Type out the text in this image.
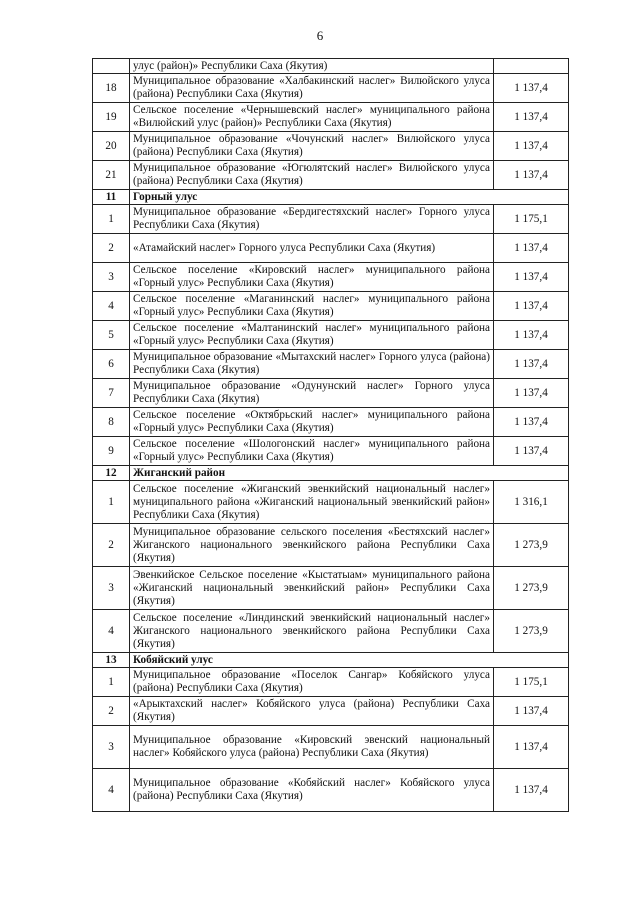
6
	улус (район)» Республики Саха (Якутия)	
18	Муниципальное образование «Халбакинский наслег» Вилюйского улуса (района) Республики Саха (Якутия)	1 137,4
19	Сельское поселение «Чернышевский наслег» муниципального района «Вилюйский улус (район)» Республики Саха (Якутия)	1 137,4
20	Муниципальное образование «Чочунский наслег» Вилюйского улуса (района) Республики Саха (Якутия)	1 137,4
21	Муниципальное образование «Югюлятский наслег» Вилюйского улуса (района) Республики Саха (Якутия)	1 137,4
11	Горный улус	
1	Муниципальное образование «Бердигестяхский наслег» Горного улуса Республики Саха (Якутия)	1 175,1
2	«Атамайский наслег» Горного улуса Республики Саха (Якутия)	1 137,4
3	Сельское поселение «Кировский наслег» муниципального района «Горный улус» Республики Саха (Якутия)	1 137,4
4	Сельское поселение «Маганинский наслег» муниципального района «Горный улус» Республики Саха (Якутия)	1 137,4
5	Сельское поселение «Малтанинский наслег» муниципального района «Горный улус» Республики Саха (Якутия)	1 137,4
6	Муниципальное образование «Мытахский наслег» Горного улуса (района) Республики Саха (Якутия)	1 137,4
7	Муниципальное образование «Одунунский наслег» Горного улуса Республики Саха (Якутия)	1 137,4
8	Сельское поселение «Октябрьский наслег» муниципального района «Горный улус» Республики Саха (Якутия)	1 137,4
9	Сельское поселение «Шологонский наслег» муниципального района «Горный улус» Республики Саха (Якутия)	1 137,4
12	Жиганский район	
1	Сельское поселение «Жиганский эвенкийский национальный наслег» муниципального района «Жиганский национальный эвенкийский район» Республики Саха (Якутия)	1 316,1
2	Муниципальное образование сельского поселения «Бестяхский наслег» Жиганского национального эвенкийского района Республики Саха (Якутия)	1 273,9
3	Эвенкийское Сельское поселение «Кыстатыам» муниципального района «Жиганский национальный эвенкийский район» Республики Саха (Якутия)	1 273,9
4	Сельское поселение «Линдинский эвенкийский национальный наслег» Жиганского национального эвенкийского района Республики Саха (Якутия)	1 273,9
13	Кобяйский улус	
1	Муниципальное образование «Поселок Сангар» Кобяйского улуса (района) Республики Саха (Якутия)	1 175,1
2	«Арыктахский наслег» Кобяйского улуса (района) Республики Саха (Якутия)	1 137,4
3	Муниципальное образование «Кировский эвенский национальный наслег» Кобяйского улуса (района) Республики Саха (Якутия)	1 137,4
4	Муниципальное образование «Кобяйский наслег» Кобяйского улуса (района) Республики Саха (Якутия)	1 137,4
